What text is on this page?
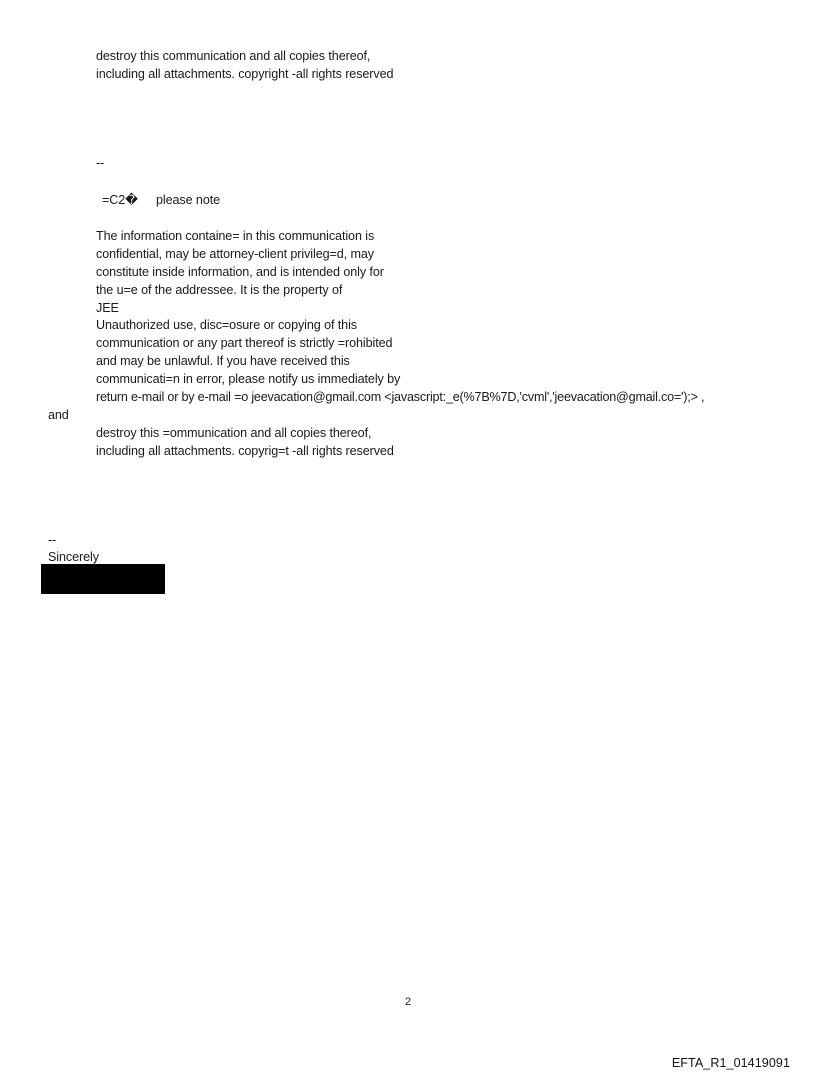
destroy this communication and all copies thereof,
including all attachments. copyright -all rights reserved
--
=C2� please note
The information containe= in this communication is
confidential, may be attorney-client privileg=d, may
constitute inside information, and is intended only for
the u=e of the addressee. It is the property of
JEE
Unauthorized use, disc=osure or copying of this
communication or any part thereof is strictly =rohibited
and may be unlawful. If you have received this
communicati=n in error, please notify us immediately by
return e-mail or by e-mail =o jeevacation@gmail.com <javascript:_e(%7B%7D,'cvml','jeevacation@gmail.co=');> ,
and
destroy this =ommunication and all copies thereof,
including all attachments. copyrig=t -all rights reserved
--
Sincerely
2
EFTA_R1_01419091
